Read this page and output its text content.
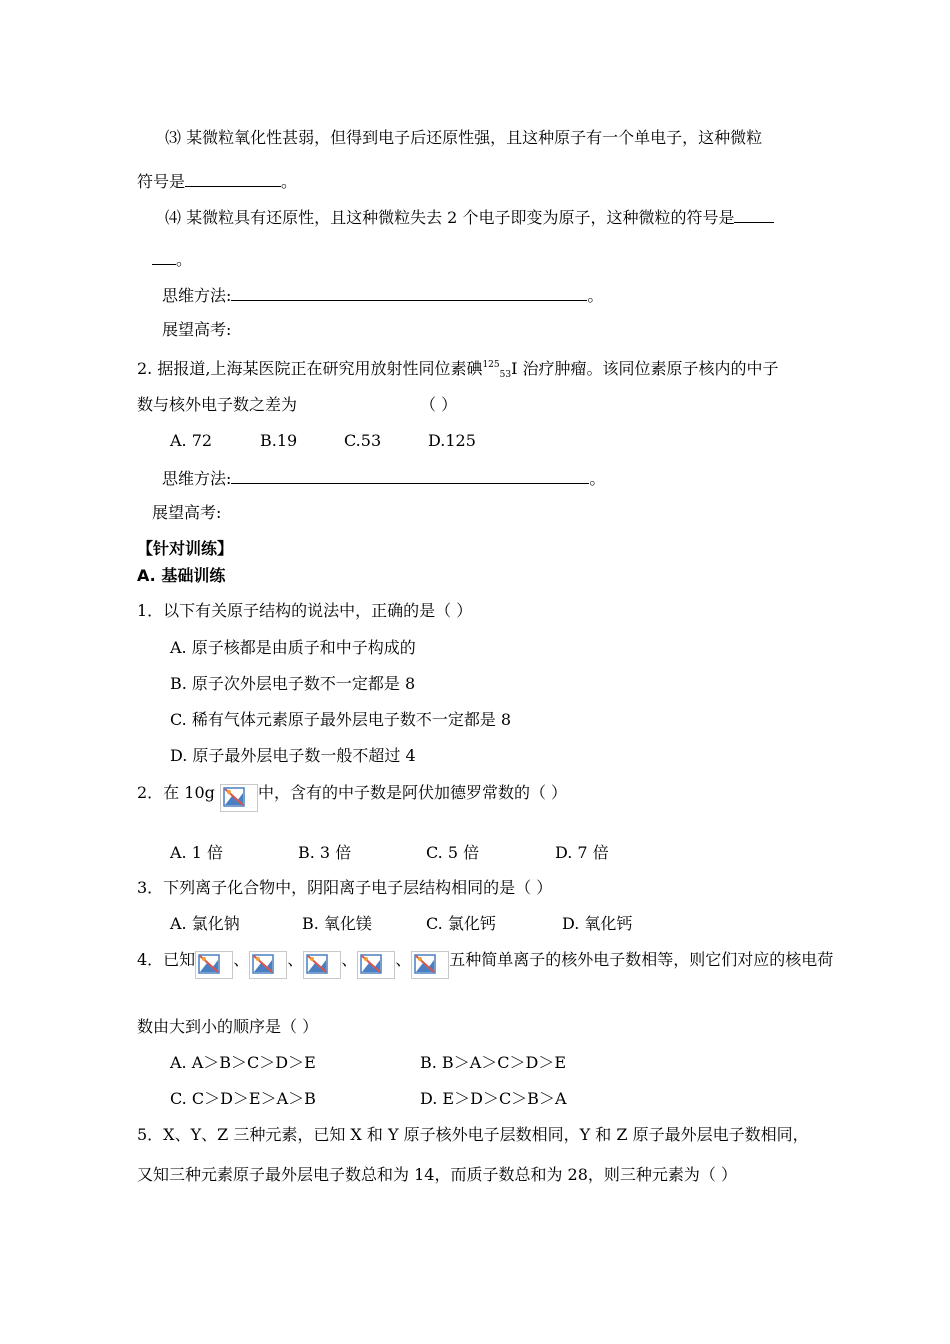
⑶ 某微粒氧化性甚弱，但得到电子后还原性强，且这种原子有一个单电子，这种微粒
符号是	。
⑷ 某微粒具有还原性，且这种微粒失去 2 个电子即变为原子，这种微粒的符号是
。
思维方法:	。
展望高考:
2. 据报道,上海某医院正在研究用放射性同位素碘$^{125}_{53}$I 治疗肿瘤。该同位素原子核内的中子
数与核外电子数之差为	（ ）
A. 72	B.19	C.53	D.125
思维方法:	。
展望高考:
【针对训练】
A. 基础训练
1．以下有关原子结构的说法中，正确的是（ ）
A. 原子核都是由质子和中子构成的
B. 原子次外层电子数不一定都是 8
C. 稀有气体元素原子最外层电子数不一定都是 8
D. 原子最外层电子数一般不超过 4
2．在 10g	中，含有的中子数是阿伏加德罗常数的（ ）
A. 1 倍	B. 3 倍	C. 5 倍	D. 7 倍
3．下列离子化合物中，阴阳离子电子层结构相同的是（ ）
A. 氯化钠	B. 氧化镁	C. 氯化钙	D. 氧化钙
4．已知 、 、 、 、 五种简单离子的核外电子数相等，则它们对应的核电荷
数由大到小的顺序是（ ）
A. A＞B＞C＞D＞E	B. B＞A＞C＞D＞E
C. C＞D＞E＞A＞B	D. E＞D＞C＞B＞A
5．X、Y、Z 三种元素，已知 X 和 Y 原子核外电子层数相同，Y 和 Z 原子最外层电子数相同，
又知三种元素原子最外层电子数总和为 14，而质子数总和为 28，则三种元素为（ ）
